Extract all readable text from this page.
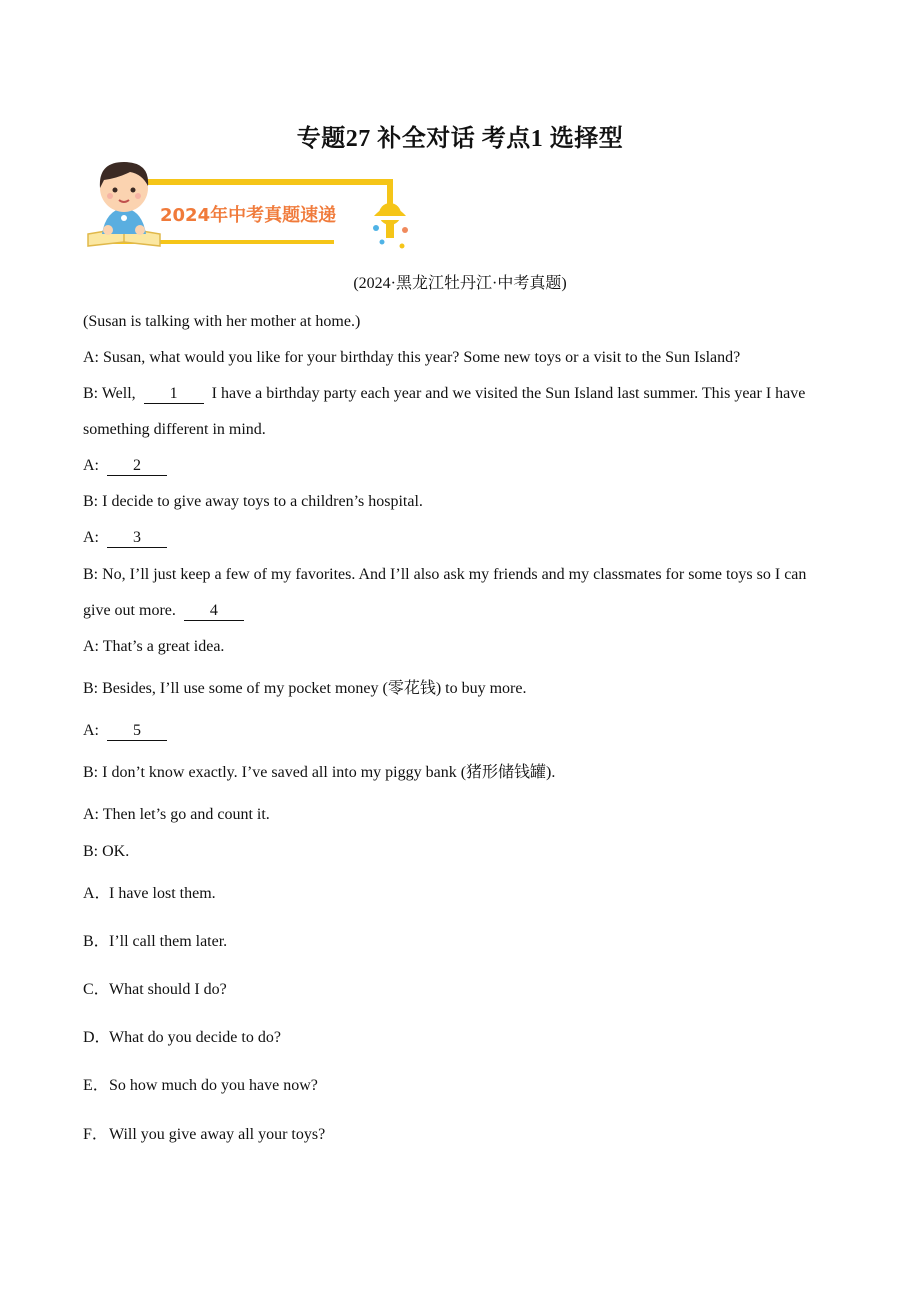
专题27 补全对话 考点1 选择型
2024年中考真题速递
(2024·黑龙江牡丹江·中考真题)
(Susan is talking with her mother at home.)
A: Susan, what would you like for your birthday this year? Some new toys or a visit to the Sun Island?
B: Well, 1 I have a birthday party each year and we visited the Sun Island last summer. This year I have
something different in mind.
A: 2
B: I decide to give away toys to a children’s hospital.
A: 3
B: No, I’ll just keep a few of my favorites. And I’ll also ask my friends and my classmates for some toys so I can
give out more. 4
A: That’s a great idea.
B: Besides, I’ll use some of my pocket money (零花钱) to buy more.
A: 5
B: I don’t know exactly. I’ve saved all into my piggy bank (猪形储钱罐).
A: Then let’s go and count it.
B: OK.
A．I have lost them.
B．I’ll call them later.
C．What should I do?
D．What do you decide to do?
E．So how much do you have now?
F．Will you give away all your toys?
